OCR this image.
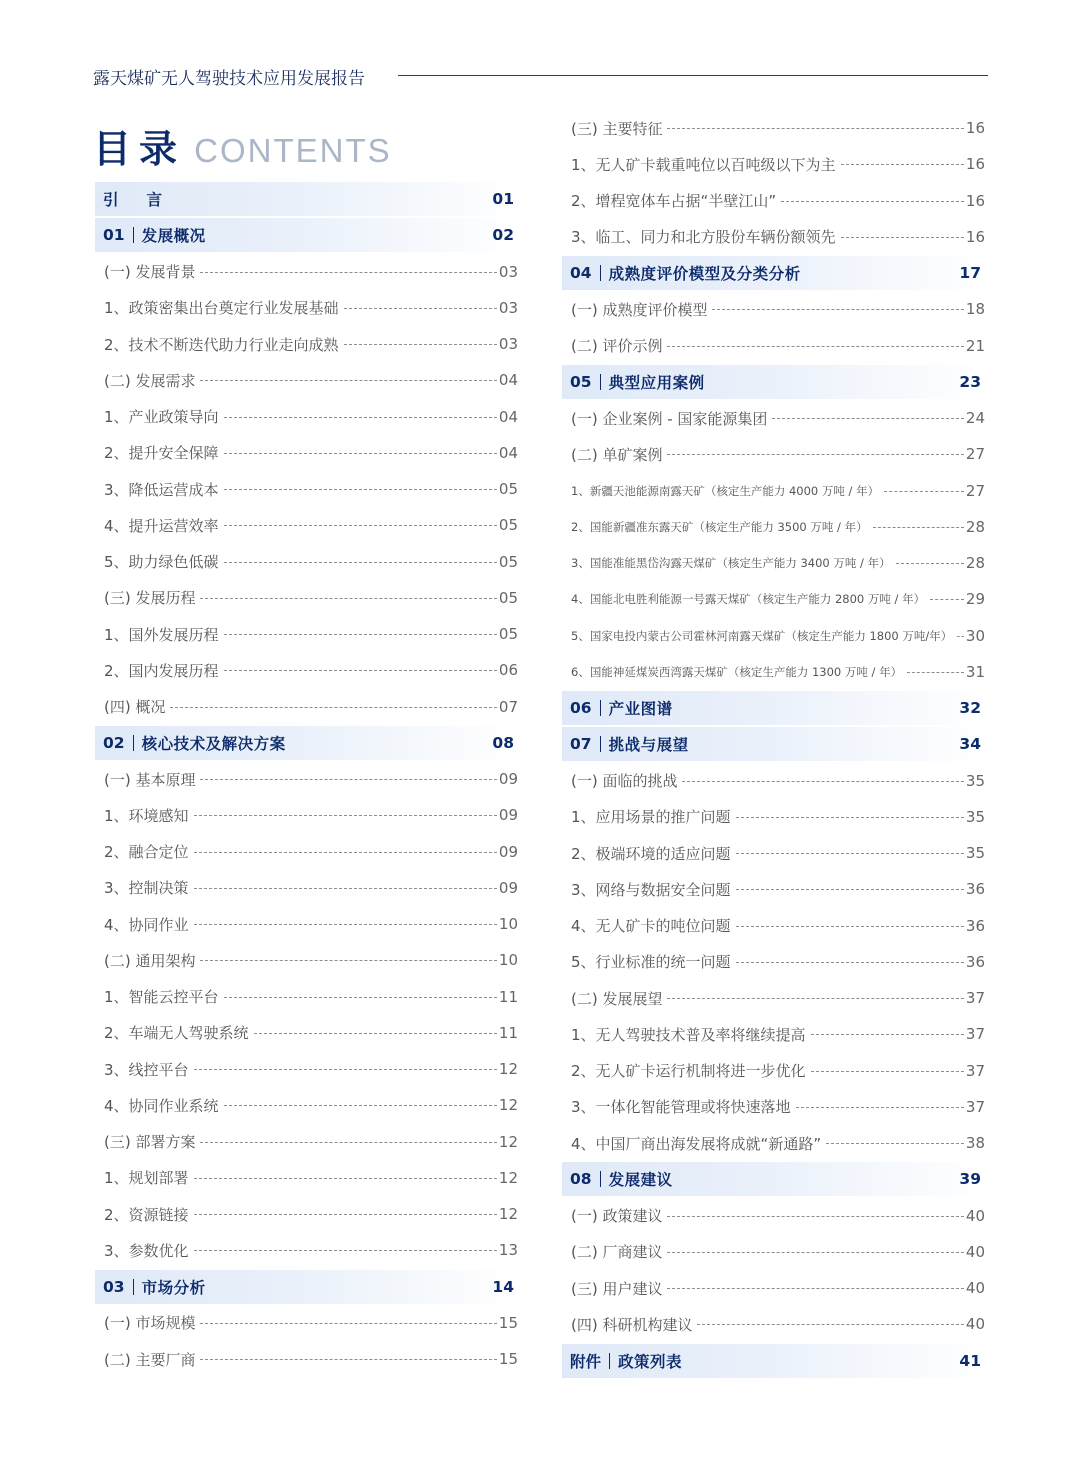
露天煤矿无人驾驶技术应用发展报告
目录 CONTENTS
引言	01
01 发展概况	02
(一) 发展背景	03
1、政策密集出台奠定行业发展基础	03
2、技术不断迭代助力行业走向成熟	03
(二) 发展需求	04
1、产业政策导向	04
2、提升安全保障	04
3、降低运营成本	05
4、提升运营效率	05
5、助力绿色低碳	05
(三) 发展历程	05
1、国外发展历程	05
2、国内发展历程	06
(四) 概况	07
02 核心技术及解决方案	08
(一) 基本原理	09
1、环境感知	09
2、融合定位	09
3、控制决策	09
4、协同作业	10
(二) 通用架构	10
1、智能云控平台	11
2、车端无人驾驶系统	11
3、线控平台	12
4、协同作业系统	12
(三) 部署方案	12
1、规划部署	12
2、资源链接	12
3、参数优化	13
03 市场分析	14
(一) 市场规模	15
(二) 主要厂商	15
(三) 主要特征	16
1、无人矿卡载重吨位以百吨级以下为主	16
2、增程宽体车占据“半壁江山”	16
3、临工、同力和北方股份车辆份额领先	16
04 成熟度评价模型及分类分析	17
(一) 成熟度评价模型	18
(二) 评价示例	21
05 典型应用案例	23
(一) 企业案例 - 国家能源集团	24
(二) 单矿案例	27
1、新疆天池能源南露天矿（核定生产能力 4000 万吨 / 年）	27
2、国能新疆准东露天矿（核定生产能力 3500 万吨 / 年）	28
3、国能准能黑岱沟露天煤矿（核定生产能力 3400 万吨 / 年）	28
4、国能北电胜利能源一号露天煤矿（核定生产能力 2800 万吨 / 年）	29
5、国家电投内蒙古公司霍林河南露天煤矿（核定生产能力 1800 万吨/年） 30
6、国能神延煤炭西湾露天煤矿（核定生产能力 1300 万吨 / 年）	31
06 产业图谱	32
07 挑战与展望	34
(一) 面临的挑战	35
1、应用场景的推广问题	35
2、极端环境的适应问题	35
3、网络与数据安全问题	36
4、无人矿卡的吨位问题	36
5、行业标准的统一问题	36
(二) 发展展望	37
1、无人驾驶技术普及率将继续提高	37
2、无人矿卡运行机制将进一步优化	37
3、一体化智能管理或将快速落地	37
4、中国厂商出海发展将成就“新通路”	38
08 发展建议	39
(一) 政策建议	40
(二) 厂商建议	40
(三) 用户建议	40
(四) 科研机构建议	40
附件 政策列表	41
